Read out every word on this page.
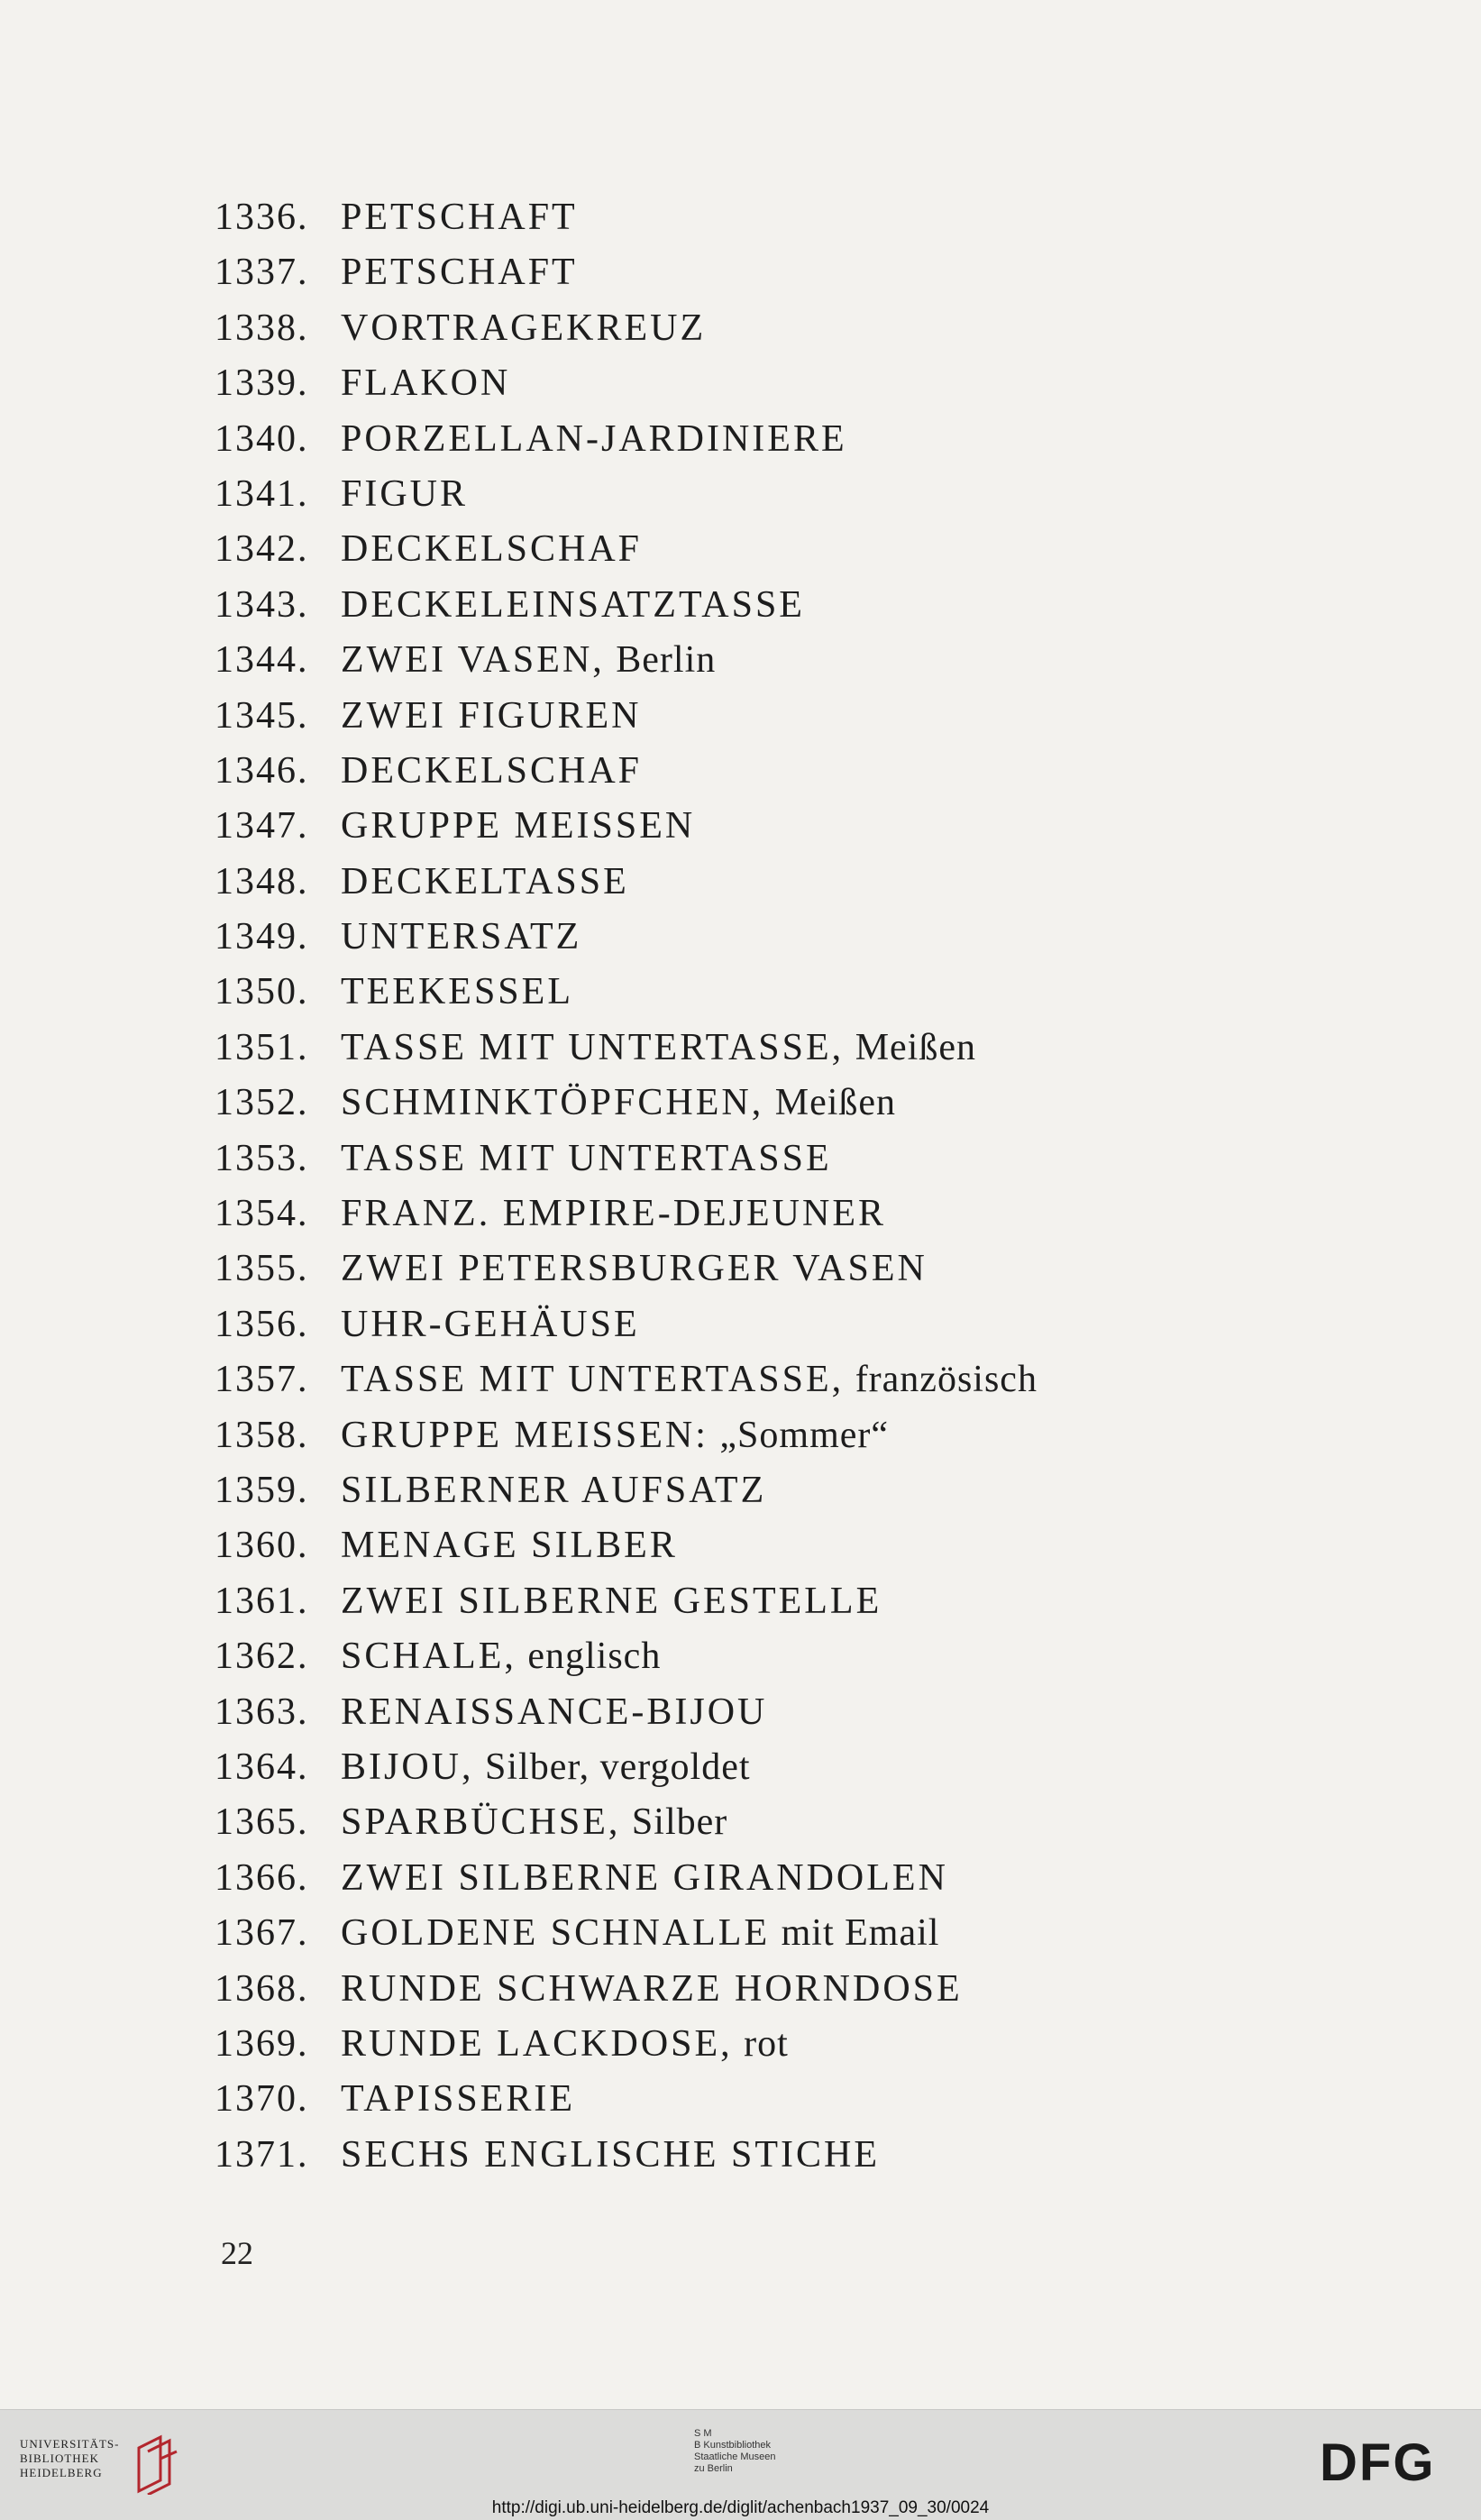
1336. PETSCHAFT
1337. PETSCHAFT
1338. VORTRAGEKREUZ
1339. FLAKON
1340. PORZELLAN-JARDINIERE
1341. FIGUR
1342. DECKELSCHAF
1343. DECKELEINSATZTASSE
1344. ZWEI VASEN, Berlin
1345. ZWEI FIGUREN
1346. DECKELSCHAF
1347. GRUPPE MEISSEN
1348. DECKELTASSE
1349. UNTERSATZ
1350. TEEKESSEL
1351. TASSE MIT UNTERTASSE, Meißen
1352. SCHMINKTÖPFCHEN, Meißen
1353. TASSE MIT UNTERTASSE
1354. FRANZ. EMPIRE-DEJEUNER
1355. ZWEI PETERSBURGER VASEN
1356. UHR-GEHÄUSE
1357. TASSE MIT UNTERTASSE, französisch
1358. GRUPPE MEISSEN: „Sommer“
1359. SILBERNER AUFSATZ
1360. MENAGE SILBER
1361. ZWEI SILBERNE GESTELLE
1362. SCHALE, englisch
1363. RENAISSANCE-BIJOU
1364. BIJOU, Silber, vergoldet
1365. SPARBÜCHSE, Silber
1366. ZWEI SILBERNE GIRANDOLEN
1367. GOLDENE SCHNALLE mit Email
1368. RUNDE SCHWARZE HORNDOSE
1369. RUNDE LACKDOSE, rot
1370. TAPISSERIE
1371. SECHS ENGLISCHE STICHE
22
UNIVERSITÄTS-
BIBLIOTHEK
HEIDELBERG
S M
B Kunstbibliothek
Staatliche Museen
zu Berlin	DFG
http://digi.ub.uni-heidelberg.de/diglit/achenbach1937_09_30/0024
